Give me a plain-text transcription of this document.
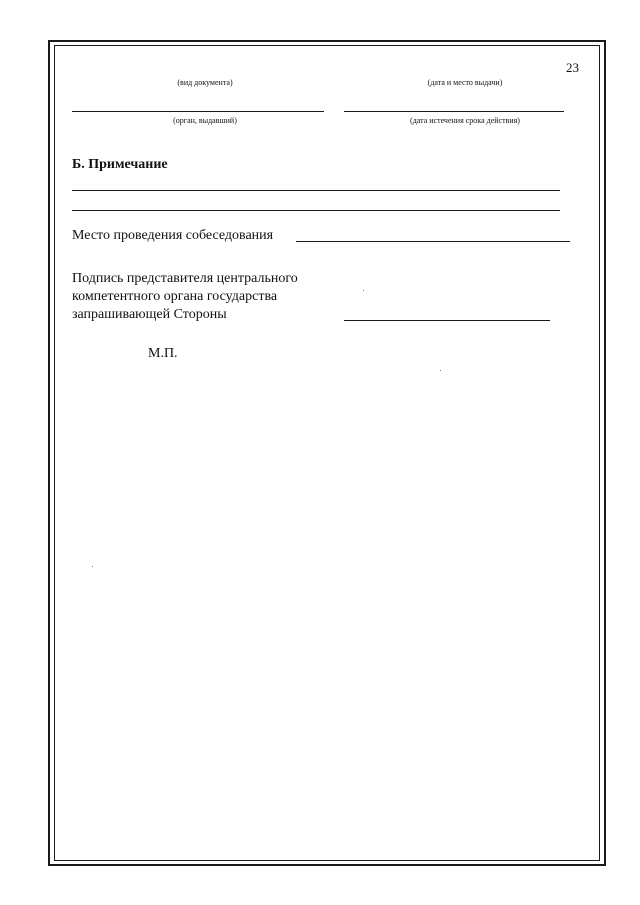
23
(вид документа)	(дата и место выдачи)
(орган, выдавший)	(дата истечения срока действия)
Б. Примечание
Место проведения собеседования
Подпись представителя центрального
компетентного органа государства
запрашивающей Стороны
М.П.
